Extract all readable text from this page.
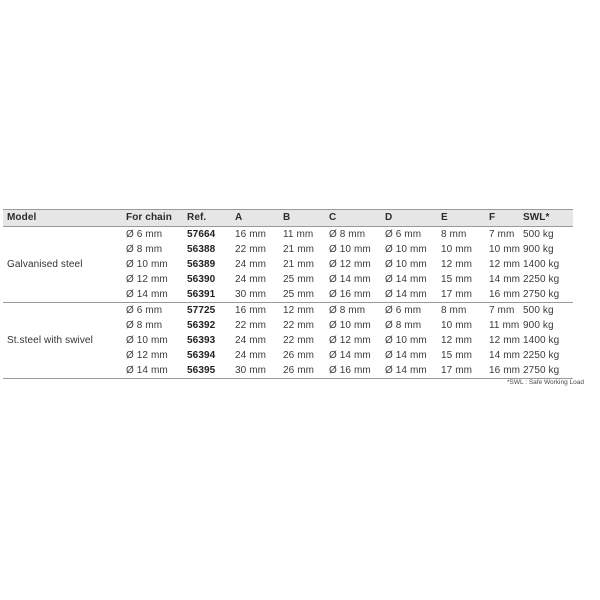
Model	For chain	Ref.	A	B	C	D	E	F	SWL*
	Ø 6 mm	57664	16 mm	11 mm	Ø 8 mm	Ø 6 mm	8 mm	7 mm	500 kg
	Ø 8 mm	56388	22 mm	21 mm	Ø 10 mm	Ø 10 mm	10 mm	10 mm	900 kg
Galvanised steel	Ø 10 mm	56389	24 mm	21 mm	Ø 12 mm	Ø 10 mm	12 mm	12 mm	1400 kg
	Ø 12 mm	56390	24 mm	25 mm	Ø 14 mm	Ø 14 mm	15 mm	14 mm	2250 kg
	Ø 14 mm	56391	30 mm	25 mm	Ø 16 mm	Ø 14 mm	17 mm	16 mm	2750 kg
	Ø 6 mm	57725	16 mm	12 mm	Ø 8 mm	Ø 6 mm	8 mm	7 mm	500 kg
	Ø 8 mm	56392	22 mm	22 mm	Ø 10 mm	Ø 8 mm	10 mm	11 mm	900 kg
St.steel with swivel	Ø 10 mm	56393	24 mm	22 mm	Ø 12 mm	Ø 10 mm	12 mm	12 mm	1400 kg
	Ø 12 mm	56394	24 mm	26 mm	Ø 14 mm	Ø 14 mm	15 mm	14 mm	2250 kg
	Ø 14 mm	56395	30 mm	26 mm	Ø 16 mm	Ø 14 mm	17 mm	16 mm	2750 kg
*SWL : Safe Working Load
